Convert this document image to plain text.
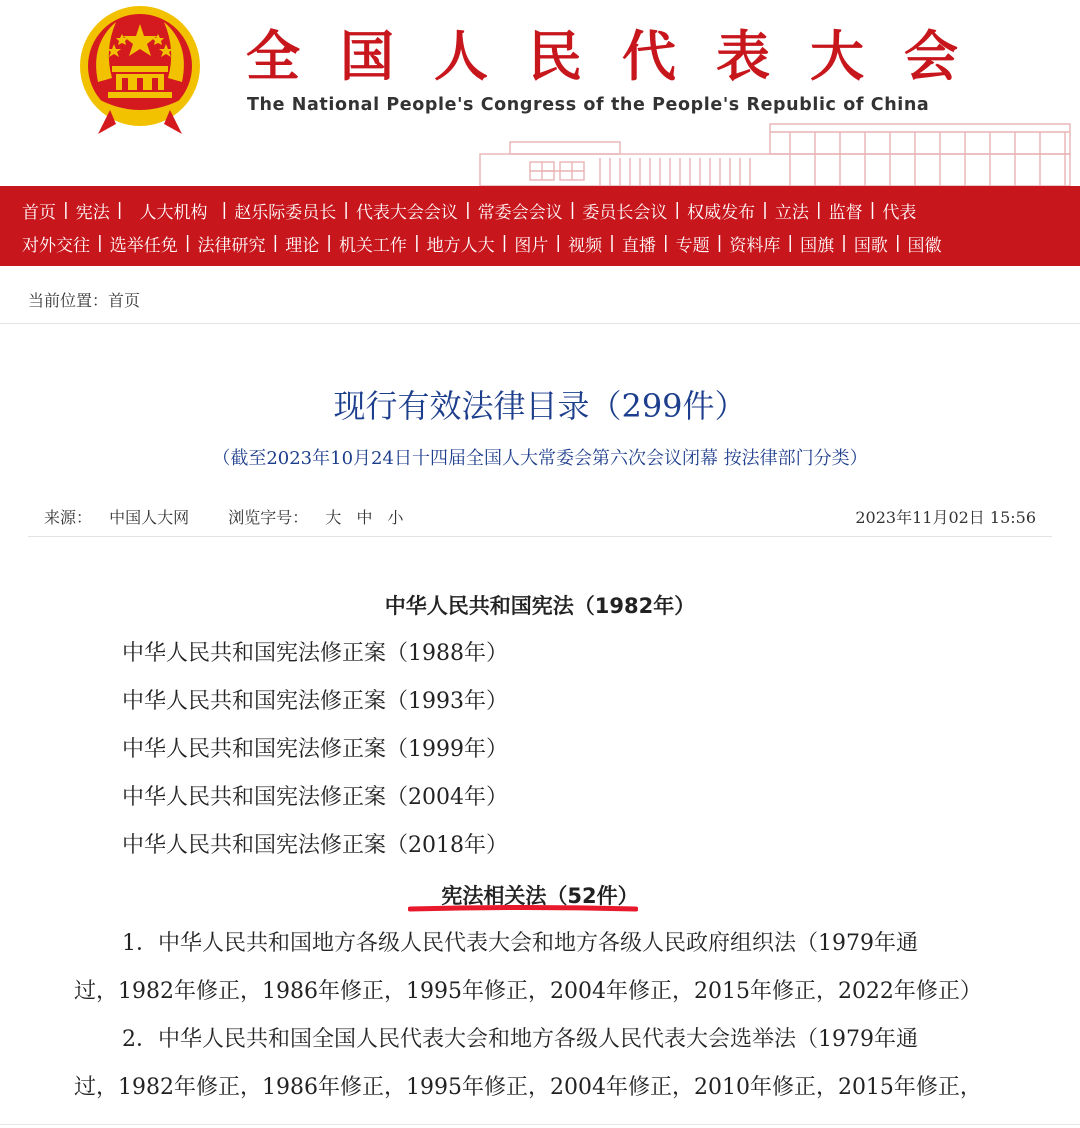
全国人民代表大会
The National People's Congress of the People's Republic of China
首页 | 宪法 | 人大机构 | 赵乐际委员长 | 代表大会会议 | 常委会会议 | 委员长会议 | 权威发布 | 立法 | 监督 | 代表
对外交往 | 选举任免 | 法律研究 | 理论 | 机关工作 | 地方人大 | 图片 | 视频 | 直播 | 专题 | 资料库 | 国旗 | 国歌 | 国徽
当前位置：首页
现行有效法律目录（299件）
（截至2023年10月24日十四届全国人大常委会第六次会议闭幕 按法律部门分类）
来源： 中国人大网 浏览字号： 大 中 小	2023年11月02日 15:56
中华人民共和国宪法（1982年）
中华人民共和国宪法修正案（1988年）
中华人民共和国宪法修正案（1993年）
中华人民共和国宪法修正案（1999年）
中华人民共和国宪法修正案（2004年）
中华人民共和国宪法修正案（2018年）
宪法相关法（52件）
1．中华人民共和国地方各级人民代表大会和地方各级人民政府组织法（1979年通
过，1982年修正，1986年修正，1995年修正，2004年修正，2015年修正，2022年修正）
2．中华人民共和国全国人民代表大会和地方各级人民代表大会选举法（1979年通
过，1982年修正，1986年修正，1995年修正，2004年修正，2010年修正，2015年修正，
